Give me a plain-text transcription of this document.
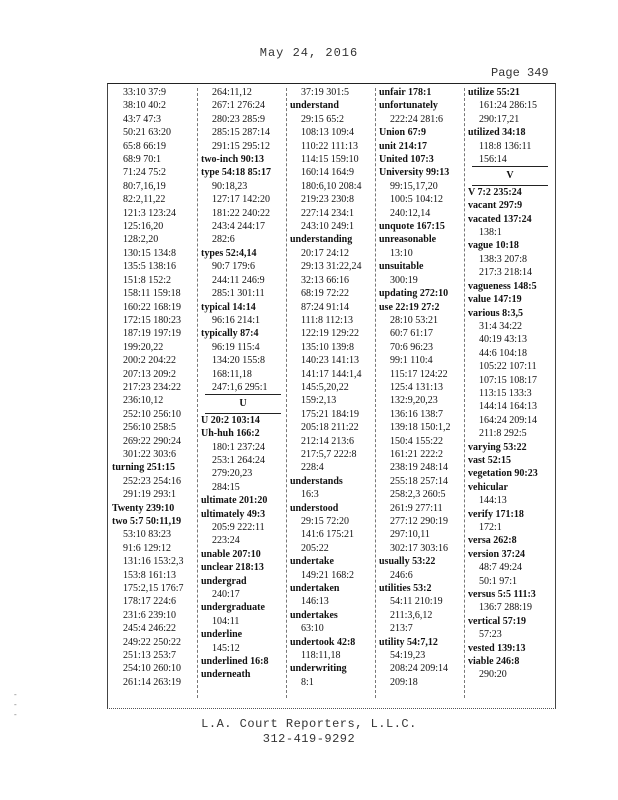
May 24, 2016
Page 349
33:10 37:9
38:10 40:2
43:7 47:3
50:21 63:20
65:8 66:19
68:9 70:1
71:24 75:2
80:7,16,19
82:2,11,22
121:3 123:24
125:16,20
128:2,20
130:15 134:8
135:5 138:16
151:8 152:2
158:11 159:18
160:22 168:19
172:15 180:23
187:19 197:19
199:20,22
200:2 204:22
207:13 209:2
217:23 234:22
236:10,12
252:10 256:10
256:10 258:5
269:22 290:24
301:22 303:6
turning 251:15
252:23 254:16
291:19 293:1
Twenty 239:10
two 5:7 50:11,19
53:10 83:23
91:6 129:12
131:16 153:2,3
153:8 161:13
175:2,15 176:7
178:17 224:6
231:6 239:10
245:4 246:22
249:22 250:22
251:13 253:7
254:10 260:10
261:14 263:19
264:11,12
267:1 276:24
280:23 285:9
285:15 287:14
291:15 295:12
two-inch 90:13
type 54:18 85:17
90:18,23
127:17 142:20
181:22 240:22
243:4 244:17
282:6
types 52:4,14
90:7 179:6
244:11 246:9
285:1 301:11
typical 14:14
96:16 214:1
typically 87:4
96:19 115:4
134:20 155:8
168:11,18
247:1,6 295:1
U
U 20:2 103:14
Uh-huh 166:2
180:1 237:24
253:1 264:24
279:20,23
284:15
ultimate 201:20
ultimately 49:3
205:9 222:11
223:24
unable 207:10
unclear 218:13
undergrad
240:17
undergraduate
104:11
underline
145:12
underlined 16:8
underneath
37:19 301:5
understand
29:15 65:2
108:13 109:4
110:22 111:13
114:15 159:10
160:14 164:9
180:6,10 208:4
219:23 230:8
227:14 234:1
243:10 249:1
understanding
20:17 24:12
29:13 31:22,24
32:13 66:16
68:19 72:22
87:24 91:14
111:8 112:13
122:19 129:22
135:10 139:8
140:23 141:13
141:17 144:1,4
145:5,20,22
159:2,13
175:21 184:19
205:18 211:22
212:14 213:6
217:5,7 222:8
228:4
understands
16:3
understood
29:15 72:20
141:6 175:21
205:22
undertake
149:21 168:2
undertaken
146:13
undertakes
63:10
undertook 42:8
118:11,18
underwriting
8:1
unfair 178:1
unfortunately
222:24 281:6
Union 67:9
unit 214:17
United 107:3
University 99:13
99:15,17,20
100:5 104:12
240:12,14
unquote 167:15
unreasonable
13:10
unsuitable
300:19
updating 272:10
use 22:19 27:2
28:10 53:21
60:7 61:17
70:6 96:23
99:1 110:4
115:17 124:22
125:4 131:13
132:9,20,23
136:16 138:7
139:18 150:1,2
150:4 155:22
161:21 222:2
238:19 248:14
255:18 257:14
258:2,3 260:5
261:9 277:11
277:12 290:19
297:10,11
302:17 303:16
usually 53:22
246:6
utilities 53:2
54:11 210:19
211:3,6,12
213:7
utility 54:7,12
54:19,23
208:24 209:14
209:18
utilize 55:21
161:24 286:15
290:17,21
utilized 34:18
118:8 136:11
156:14
V
V 7:2 235:24
vacant 297:9
vacated 137:24
138:1
vague 10:18
138:3 207:8
217:3 218:14
vagueness 148:5
value 147:19
various 8:3,5
31:4 34:22
40:19 43:13
44:6 104:18
105:22 107:11
107:15 108:17
113:15 133:3
144:14 164:13
164:24 209:14
211:8 292:5
varying 53:22
vast 52:15
vegetation 90:23
vehicular
144:13
verify 171:18
172:1
versa 262:8
version 37:24
48:7 49:24
50:1 97:1
versus 5:5 111:3
136:7 288:19
vertical 57:19
57:23
vested 139:13
viable 246:8
290:20
L.A. Court Reporters, L.L.C.
312-419-9292
-
-
-
